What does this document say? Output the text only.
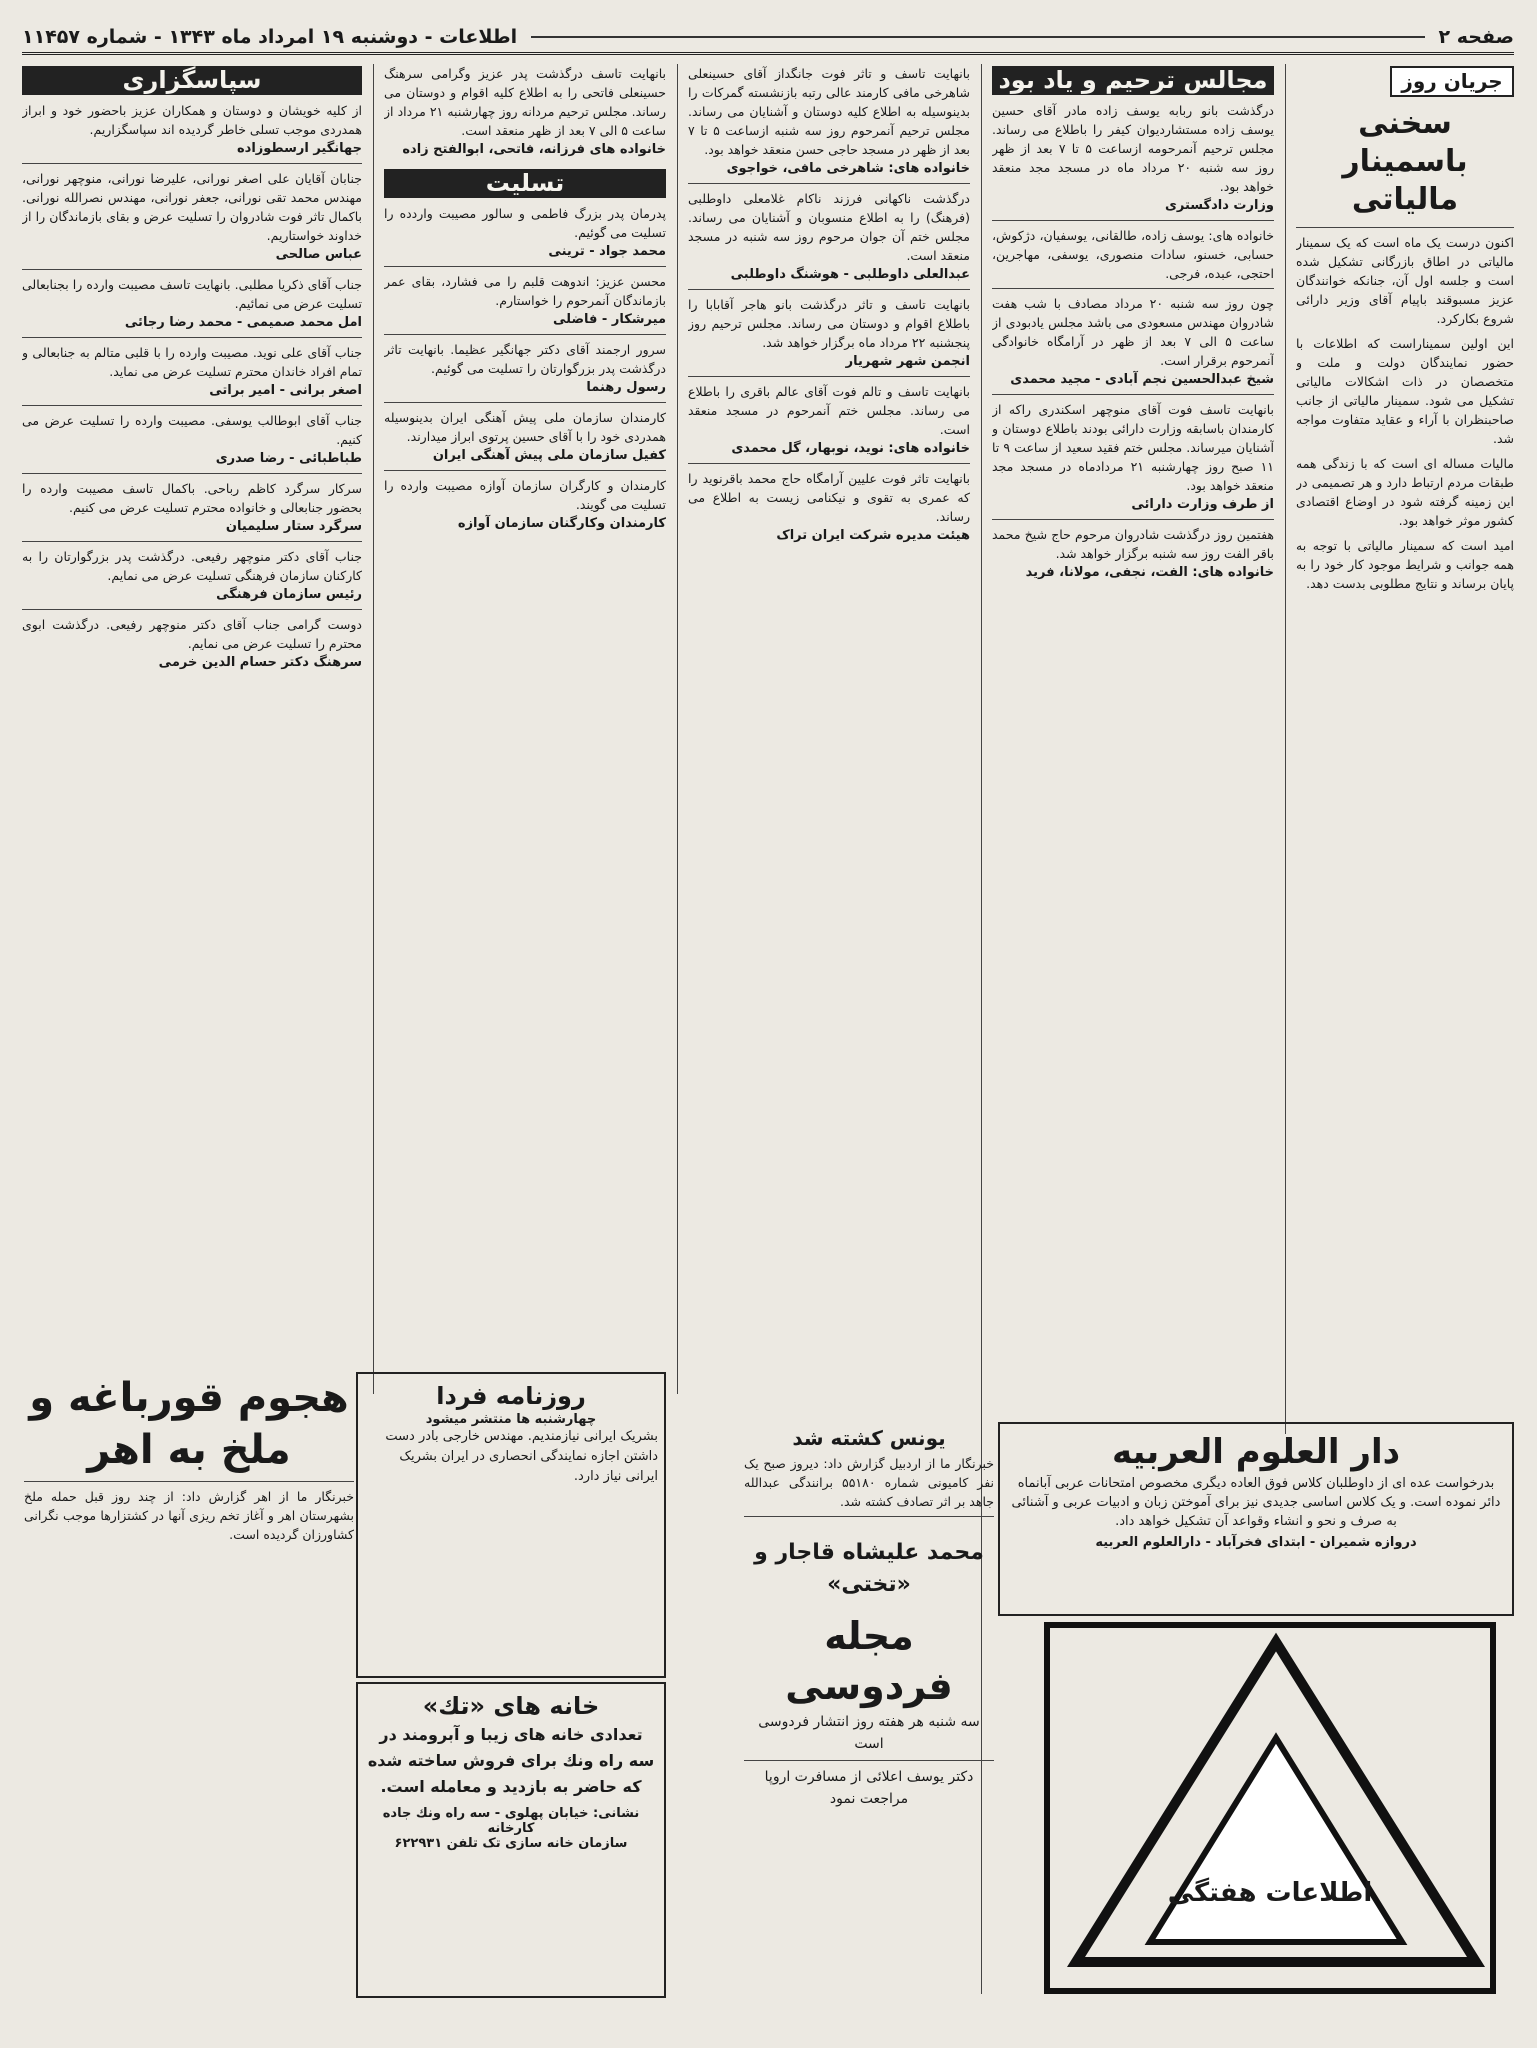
صفحه ۲
اطلاعات - دوشنبه ۱۹ امرداد ماه ۱۳۴۳ - شماره ۱۱۴۵۷
جریان روز
سخنی باسمینار مالیاتی

اکنون درست یک ماه است که یک سمینار مالیاتی در اطاق بازرگانی تشکیل شده است و جلسه اول آن، جنانکه خوانندگان عزیز مسبوقند باپیام آقای وزیر دارائی شروع بکارکرد.

این اولین سمیناراست که اطلاعات با حضور نمایندگان دولت و ملت و متخصصان در ذات اشکالات مالیاتی تشکیل می شود. سمینار مالیاتی از جانب صاحبنظران با آراء و عقاید متفاوت مواجه شد.

مالیات مساله ای است که با زندگی همه طبقات مردم ارتباط دارد و هر تصمیمی در این زمینه گرفته شود در اوضاع اقتصادی کشور موثر خواهد بود.

امید است که سمینار مالیاتی با توجه به همه جوانب و شرایط موجود کار خود را به پایان برساند و نتایج مطلوبی بدست دهد.

مجالس ترحیم و یاد بود
درگذشت بانو ربابه یوسف زاده مادر آقای حسین یوسف زاده مستشاردیوان کیفر را باطلاع می رساند. مجلس ترحیم آنمرحومه ازساعت ۵ تا ۷ بعد از ظهر روز سه شنبه ۲۰ مرداد ماه در مسجد مجد منعقد خواهد بود.
وزارت دادگستری
خانواده های: یوسف زاده، طالقانی، یوسفیان، دژکوش، حسابی، خسنو، سادات منصوری، یوسفی، مهاجرین، احتجی، عبده، فرجی.
چون روز سه شنبه ۲۰ مرداد مصادف با شب هفت شادروان مهندس مسعودی می باشد مجلس یادبودی از ساعت ۵ الی ۷ بعد از ظهر در آرامگاه خانوادگی آنمرحوم برقرار است.
شیخ عبدالحسین نجم آبادی - مجید محمدی
بانهایت تاسف فوت آقای منوچهر اسکندری راکه از کارمندان باسابقه وزارت دارائی بودند باطلاع دوستان و آشنایان میرساند. مجلس ختم فقید سعید از ساعت ۹ تا ۱۱ صبح روز چهارشنبه ۲۱ مردادماه در مسجد مجد منعقد خواهد بود.
از طرف وزارت دارائی
هفتمین روز درگذشت شادروان مرحوم حاج شیخ محمد باقر الفت روز سه شنبه برگزار خواهد شد.
خانواده های: الفت، نجفی، مولانا، فرید
بانهایت تاسف و تاثر فوت جانگداز آقای حسینعلی شاهرخی مافی کارمند عالی رتبه بازنشسته گمرکات را بدینوسیله به اطلاع کلیه دوستان و آشنایان می رساند. مجلس ترحیم آنمرحوم روز سه شنبه ازساعت ۵ تا ۷ بعد از ظهر در مسجد حاجی حسن منعقد خواهد بود.
خانواده های: شاهرخی مافی، خواجوی
درگذشت ناکهانی فرزند ناکام غلامعلی داوطلبی (فرهنگ) را به اطلاع منسوبان و آشنایان می رساند. مجلس ختم آن جوان مرحوم روز سه شنبه در مسجد منعقد است.
عبدالعلی داوطلبی - هوشنگ داوطلبی
بانهایت تاسف و تاثر درگذشت بانو هاجر آقابابا را باطلاع اقوام و دوستان می رساند. مجلس ترحیم روز پنجشنبه ۲۲ مرداد ماه برگزار خواهد شد.
انجمن شهر شهریار
بانهایت تاسف و تالم فوت آقای عالم باقری را باطلاع می رساند. مجلس ختم آنمرحوم در مسجد منعقد است.
خانواده های: نوید، نوبهار، گل محمدی
بانهایت تاثر فوت علیین آرامگاه حاج محمد باقرنوید را که عمری به تقوی و نیکنامی زیست به اطلاع می رساند.
هیئت مدیره شرکت ایران تراک
بانهایت تاسف درگذشت پدر عزیز وگرامی سرهنگ حسینعلی فاتحی را به اطلاع کلیه اقوام و دوستان می رساند. مجلس ترحیم مردانه روز چهارشنبه ۲۱ مرداد از ساعت ۵ الی ۷ بعد از ظهر منعقد است.
خانواده های فرزانه، فاتحی، ابوالفتح زاده
تسلیت
پدرمان پدر بزرگ فاطمی و سالور مصیبت واردده را تسلیت می گوئیم.
محمد جواد - ترینی
محسن عزیز: اندوهت قلبم را می فشارد، بقای عمر بازماندگان آنمرحوم را خواستارم.
میرشکار - فاضلی
سرور ارجمند آقای دکتر جهانگیر عظیما. بانهایت تاثر درگذشت پدر بزرگوارتان را تسلیت می گوئیم.
رسول رهنما
کارمندان سازمان ملی پیش آهنگی ایران بدینوسیله همدردی خود را با آقای حسین پرتوی ابراز میدارند.
کفیل سازمان ملی پیش آهنگی ایران
کارمندان و کارگران سازمان آوازه مصیبت وارده را تسلیت می گویند.
کارمندان وکارگنان سازمان آوازه
سپاسگزاری
از کلیه خویشان و دوستان و همکاران عزیز باحضور خود و ابراز همدردی موجب تسلی خاطر گردیده اند سپاسگزاریم.
جهانگیر ارسطوزاده
جنابان آقایان علی اصغر نورانی، علیرضا نورانی، منوچهر نورانی، مهندس محمد تقی نورانی، جعفر نورانی، مهندس نصرالله نورانی. باکمال تاثر فوت شادروان را تسلیت عرض و بقای بازماندگان را از خداوند خواستاریم.
عباس صالحی
جناب آقای ذکریا مطلبی. بانهایت تاسف مصیبت وارده را بجنابعالی تسلیت عرض می نمائیم.
امل محمد صمیمی - محمد رضا رجائی
جناب آقای علی نوید. مصیبت وارده را با قلبی متالم به جنابعالی و تمام افراد خاندان محترم تسلیت عرض می نماید.
اصغر برانی - امیر براتی
جناب آقای ابوطالب یوسفی. مصیبت وارده را تسلیت عرض می کنیم.
طباطبائی - رضا صدری
سرکار سرگرد کاظم رباحی. باکمال تاسف مصیبت وارده را بحضور جنابعالی و خانواده محترم تسلیت عرض می کنیم.
سرگرد ستار سلیمیان
جناب آقای دکتر منوچهر رفیعی. درگذشت پدر بزرگوارتان را به کارکنان سازمان فرهنگی تسلیت عرض می نمایم.
رئیس سازمان فرهنگی
دوست گرامی جناب آقای دکتر منوچهر رفیعی. درگذشت ابوی محترم را تسلیت عرض می نمایم.
سرهنگ دکتر حسام الدین خرمی
دار العلوم العربیه
بدرخواست عده ای از داوطلبان کلاس فوق العاده دیگری مخصوص امتحانات عربی آبانماه دائر نموده است. و یک کلاس اساسی جدیدی نیز برای آموختن زبان و ادبیات عربی و آشنائی به صرف و نحو و انشاء وقواعد آن تشکیل خواهد داد.
دروازه شمیران - ابتدای فخرآباد - دارالعلوم العربیه
اطلاعات هفتگی
یونس کشته شد
خبرنگار ما از اردبیل گزارش داد: دیروز صبح یک نفر کامیونی شماره ۵۵۱۸۰ برانندگی عبدالله جاهد بر اثر تصادف کشته شد.
محمد علیشاه قاجار و «تختی»
مجله فردوسی
سه شنبه هر هفته روز انتشار فردوسی است
دکتر یوسف اعلائی از مسافرت اروپا مراجعت نمود
روزنامه فردا
چهارشنبه ها منتشر میشود
بشریک ایرانی نیازمندیم. مهندس خارجی بادر دست داشتن اجازه نمایندگی انحصاری در ایران بشریک ایرانی نیاز دارد.
خانه های «تك»
تعدادی خانه های زیبا و آبرومند در سه راه ونك برای فروش ساخته شده که حاضر به بازدید و معامله است.
نشانی: خیابان پهلوی - سه راه ونك جاده کارخانه
سازمان خانه سازی تک تلفن ۶۲۲۹۳۱
هجوم قورباغه و ملخ به اهر
خبرنگار ما از اهر گزارش داد: از چند روز قبل حمله ملخ بشهرستان اهر و آغاز تخم ریزی آنها در کشتزارها موجب نگرانی کشاورزان گردیده است.
